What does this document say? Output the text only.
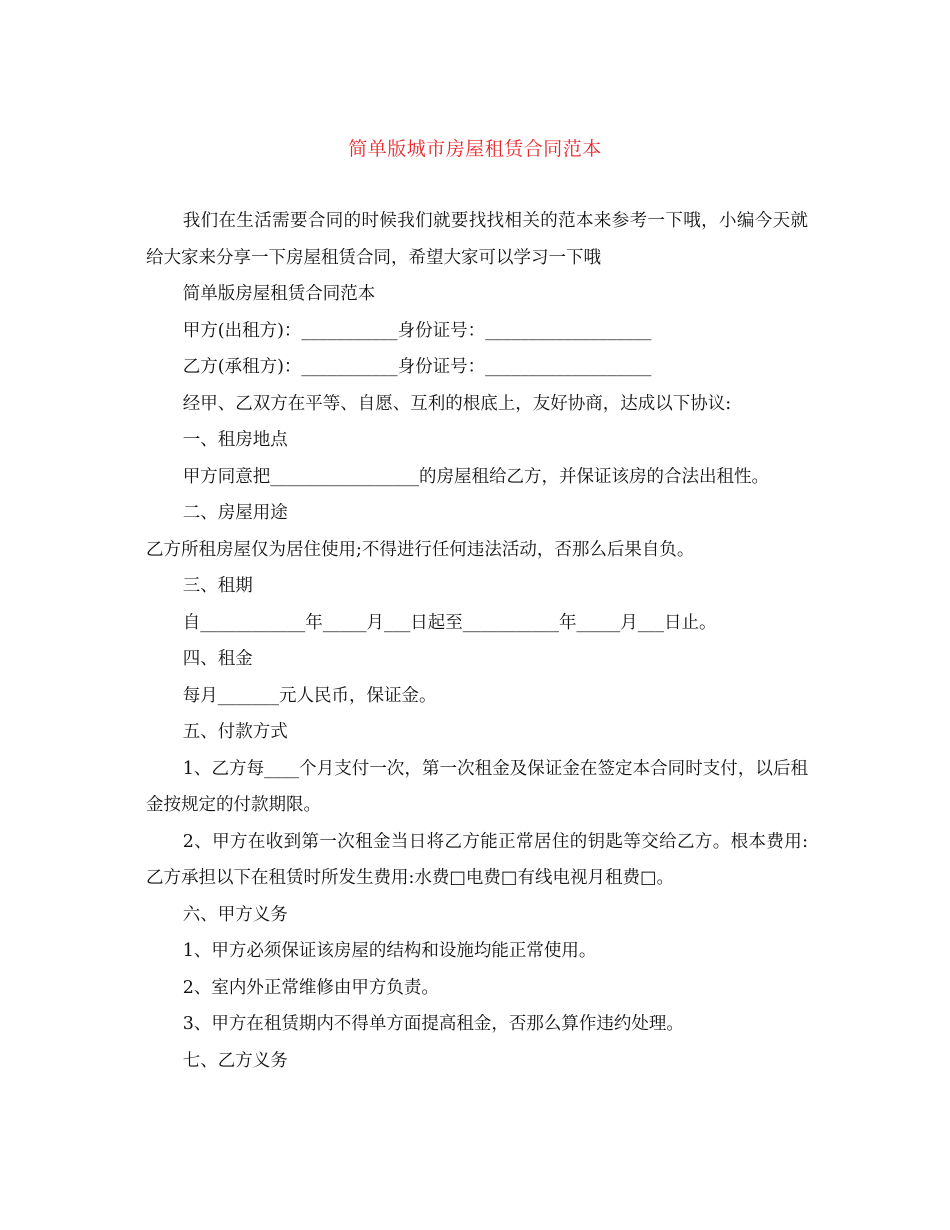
简单版城市房屋租赁合同范本

我们在生活需要合同的时候我们就要找找相关的范本来参考一下哦，小编今天就给大家来分享一下房屋租赁合同，希望大家可以学习一下哦

简单版房屋租赁合同范本

甲方(出租方)：___________身份证号：___________________

乙方(承租方)：___________身份证号：___________________

经甲、乙双方在平等、自愿、互利的根底上，友好协商，达成以下协议:

一、租房地点

甲方同意把_________________的房屋租给乙方，并保证该房的合法出租性。

二、房屋用途

乙方所租房屋仅为居住使用;不得进行任何违法活动，否那么后果自负。

三、租期

自____________年_____月___日起至___________年_____月___日止。

四、租金

每月_______元人民币，保证金。

五、付款方式

1、乙方每____个月支付一次，第一次租金及保证金在签定本合同时支付，以后租金按规定的付款期限。

2、甲方在收到第一次租金当日将乙方能正常居住的钥匙等交给乙方。根本费用:乙方承担以下在租赁时所发生费用:水费□电费□有线电视月租费□。

六、甲方义务

1、甲方必须保证该房屋的结构和设施均能正常使用。

2、室内外正常维修由甲方负责。

3、甲方在租赁期内不得单方面提高租金，否那么算作违约处理。

七、乙方义务
